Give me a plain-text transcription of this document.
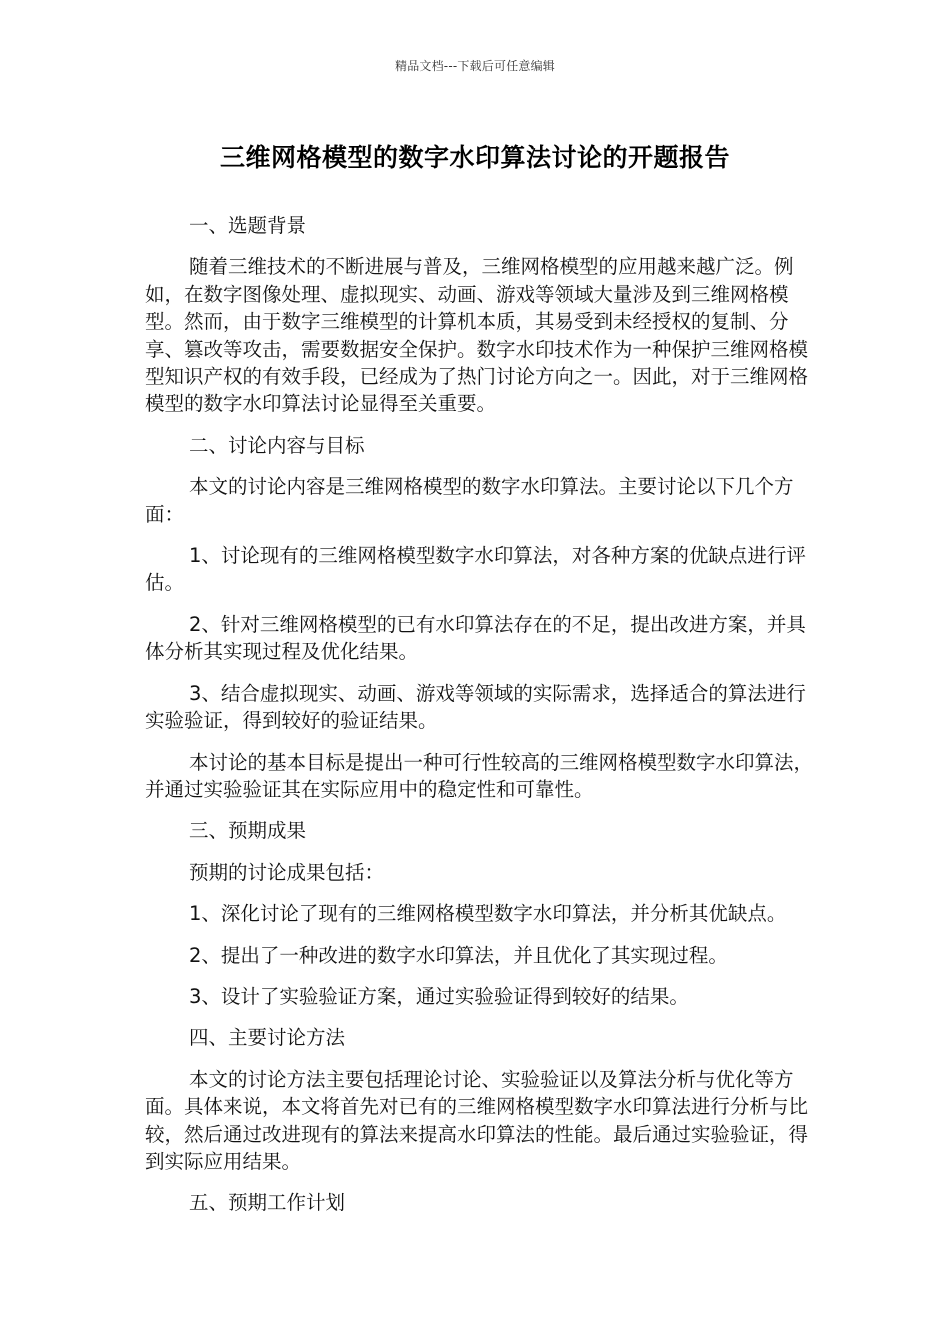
精品文档---下载后可任意编辑
三维网格模型的数字水印算法讨论的开题报告
一、选题背景

随着三维技术的不断进展与普及，三维网格模型的应用越来越广泛。例如，在数字图像处理、虚拟现实、动画、游戏等领域大量涉及到三维网格模型。然而，由于数字三维模型的计算机本质，其易受到未经授权的复制、分享、篡改等攻击，需要数据安全保护。数字水印技术作为一种保护三维网格模型知识产权的有效手段，已经成为了热门讨论方向之一。因此，对于三维网格模型的数字水印算法讨论显得至关重要。

二、讨论内容与目标

本文的讨论内容是三维网格模型的数字水印算法。主要讨论以下几个方面：

1、讨论现有的三维网格模型数字水印算法，对各种方案的优缺点进行评估。

2、针对三维网格模型的已有水印算法存在的不足，提出改进方案，并具体分析其实现过程及优化结果。

3、结合虚拟现实、动画、游戏等领域的实际需求，选择适合的算法进行实验验证，得到较好的验证结果。

本讨论的基本目标是提出一种可行性较高的三维网格模型数字水印算法，并通过实验验证其在实际应用中的稳定性和可靠性。

三、预期成果

预期的讨论成果包括：

1、深化讨论了现有的三维网格模型数字水印算法，并分析其优缺点。

2、提出了一种改进的数字水印算法，并且优化了其实现过程。

3、设计了实验验证方案，通过实验验证得到较好的结果。

四、主要讨论方法

本文的讨论方法主要包括理论讨论、实验验证以及算法分析与优化等方面。具体来说，本文将首先对已有的三维网格模型数字水印算法进行分析与比较，然后通过改进现有的算法来提高水印算法的性能。最后通过实验验证，得到实际应用结果。

五、预期工作计划
